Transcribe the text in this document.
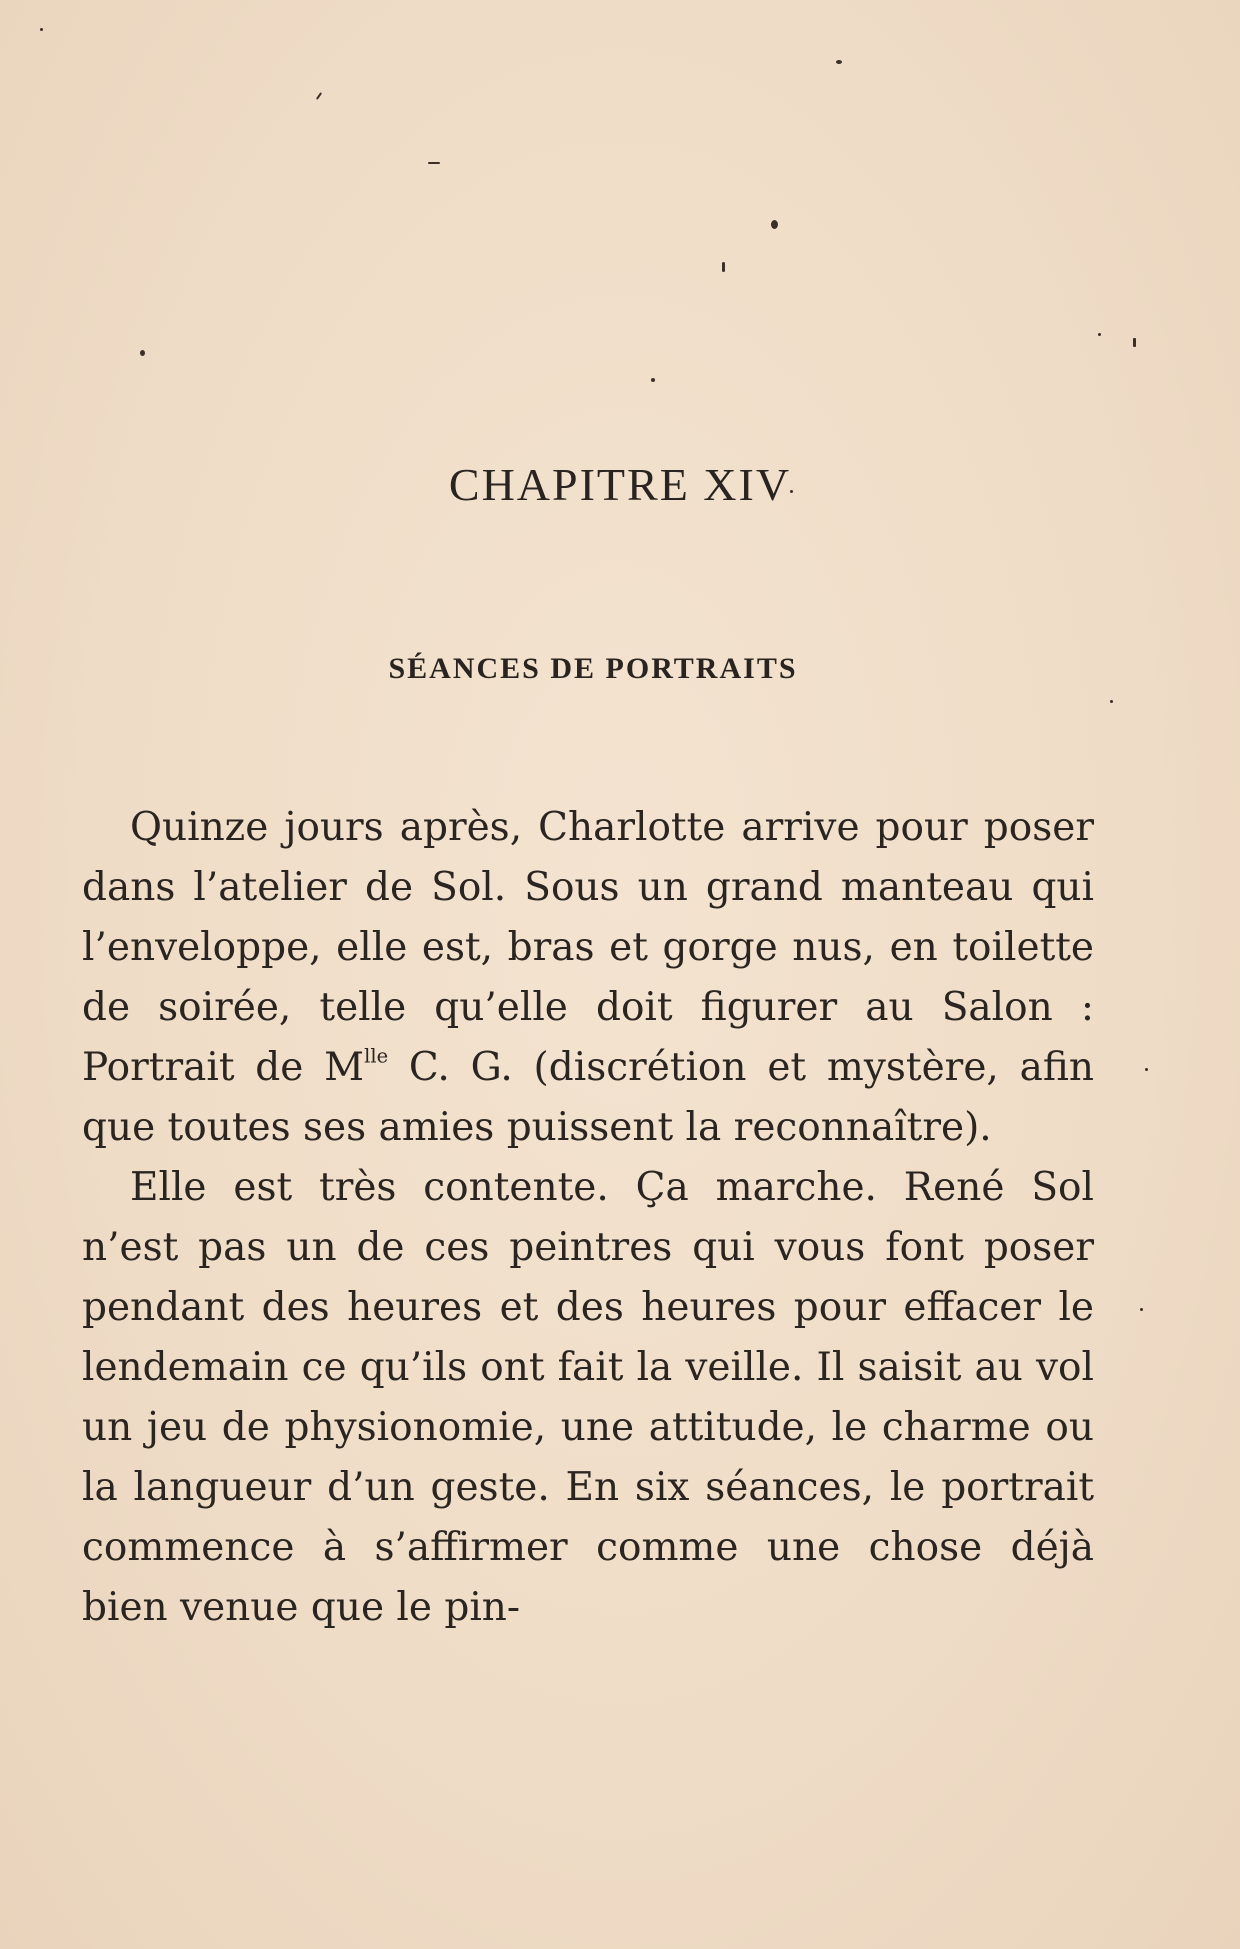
CHAPITRE XIV
SÉANCES DE PORTRAITS

Quinze jours après, Charlotte arrive pour poser dans l’atelier de Sol. Sous un grand manteau qui l’enveloppe, elle est, bras et gorge nus, en toilette de soirée, telle qu’elle doit figurer au Salon : Portrait de $M^{lle}$ C. G. (discrétion et mystère, afin que toutes ses amies puissent la reconnaître).

Elle est très contente. Ça marche. René Sol n’est pas un de ces peintres qui vous font poser pendant des heures et des heures pour effacer le lendemain ce qu’ils ont fait la veille. Il saisit au vol un jeu de physionomie, une attitude, le charme ou la langueur d’un geste. En six séances, le portrait commence à s’affirmer comme une chose déjà bien venue que le pin-
